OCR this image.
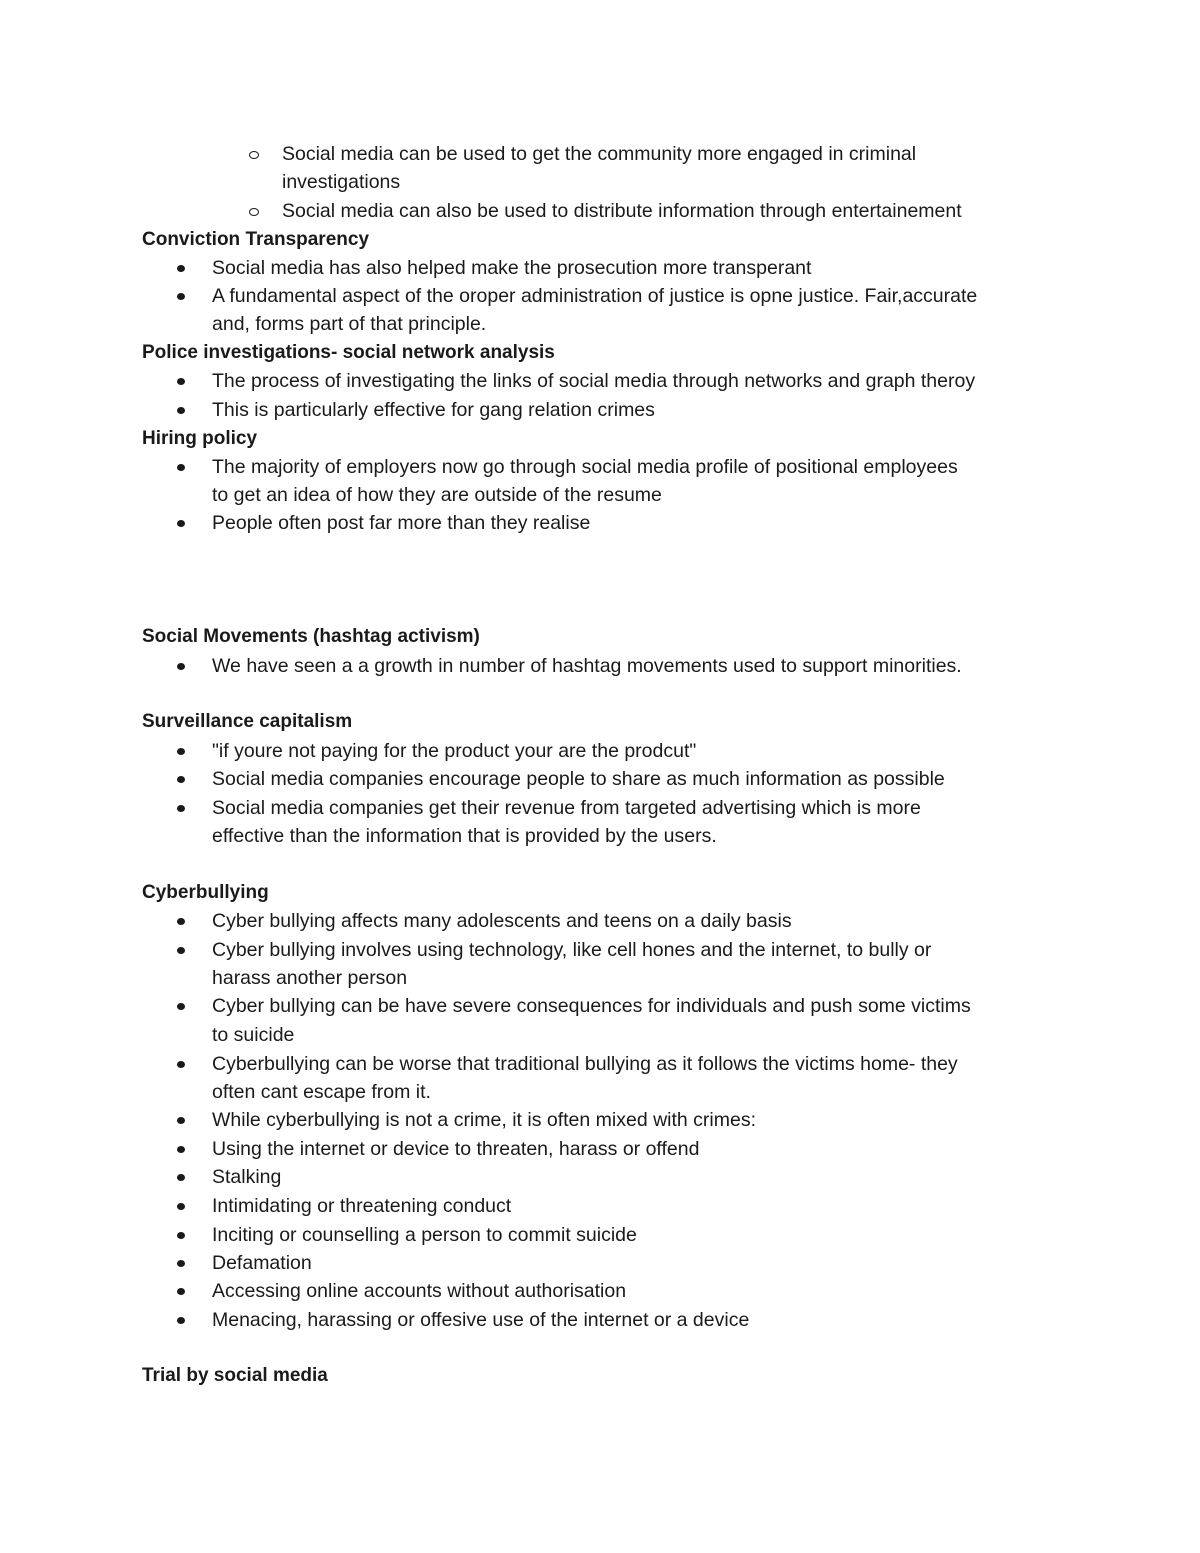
Social media can be used to get the community more engaged in criminal
investigations
Social media can also be used to distribute information through entertainement
Conviction Transparency
Social media has also helped make the prosecution more transperant
A fundamental aspect of the oroper administration of justice is opne justice. Fair,accurate
and, forms part of that principle.
Police investigations- social network analysis
The process of investigating the links of social media through networks and graph theroy
This is particularly effective for gang relation crimes
Hiring policy
The majority of employers now go through social media profile of positional employees
to get an idea of how they are outside of the resume
People often post far more than they realise
Social Movements (hashtag activism)
We have seen a a growth in number of hashtag movements used to support minorities.
Surveillance capitalism
"if youre not paying for the product your are the prodcut"
Social media companies encourage people to share as much information as possible
Social media companies get their revenue from targeted advertising which is more
effective than the information that is provided by the users.
Cyberbullying
Cyber bullying affects many adolescents and teens on a daily basis
Cyber bullying involves using technology, like cell hones and the internet, to bully or
harass another person
Cyber bullying can be have severe consequences for individuals and push some victims
to suicide
Cyberbullying can be worse that traditional bullying as it follows the victims home- they
often cant escape from it.
While cyberbullying is not a crime, it is often mixed with crimes:
Using the internet or device to threaten, harass or offend
Stalking
Intimidating or threatening conduct
Inciting or counselling a person to commit suicide
Defamation
Accessing online accounts without authorisation
Menacing, harassing or offesive use of the internet or a device
Trial by social media
